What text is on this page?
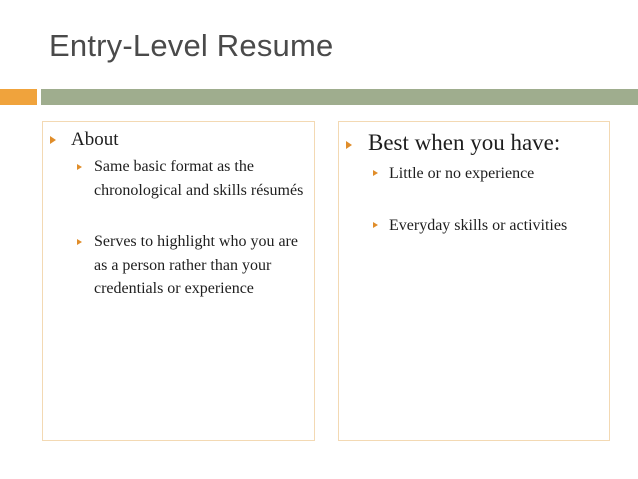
Entry-Level Resume
About
Same basic format as the chronological and skills résumés
Serves to highlight who you are as a person rather than your credentials or experience
Best when you have:
Little or no experience
Everyday skills or activities
